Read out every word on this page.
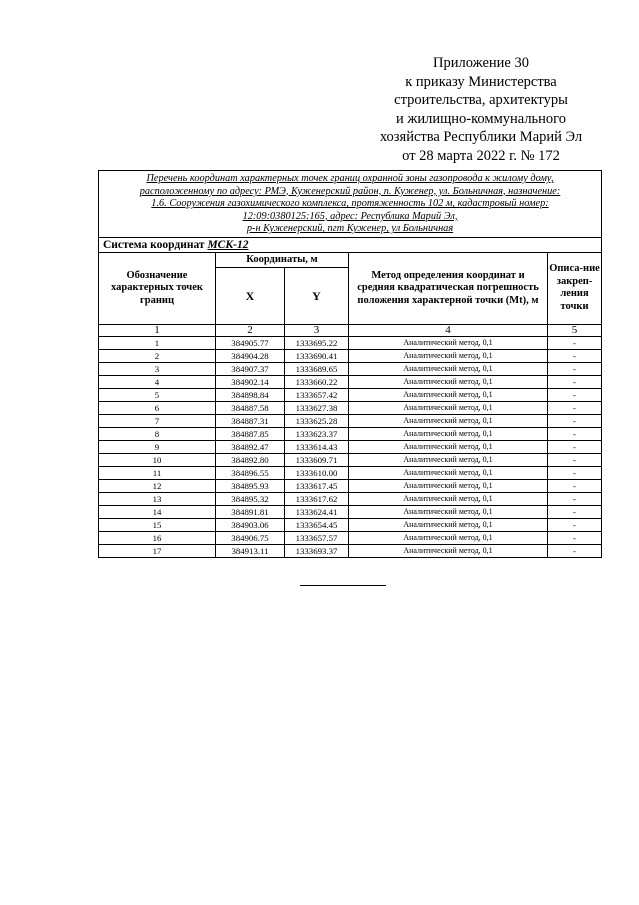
Приложение 30
к приказу Министерства
строительства, архитектуры
и жилищно-коммунального
хозяйства Республики Марий Эл
от 28 марта 2022 г. № 172
Перечень координат характерных точек границ охранной зоны газопровода к жилому дому,
расположенному по адресу: РМЭ, Куженерский район, п. Куженер, ул. Больничная, назначение:
1.6. Сооружения газохимического комплекса, протяженность 102 м, кадастровый номер:
12:09:0380125:165, адрес: Республика Марий Эл,
р-н Куженерский, пгт Куженер, ул Больничная				

Система координат МСК-12				
Обозначение характерных точек границ	Координаты, м		Метод определения координат и средняя квадратическая погрешность положения характерной точки (Mt), м	Описа-ние закреп-ления точки
	X	Y		
1	2	3	4	5
1	384905.77	1333695.22	Аналитический метод, 0,1	-
2	384904.28	1333690.41	Аналитический метод, 0,1	-
3	384907.37	1333689.65	Аналитический метод, 0,1	-
4	384902.14	1333660.22	Аналитический метод, 0,1	-
5	384898.84	1333657.42	Аналитический метод, 0,1	-
6	384887.58	1333627.38	Аналитический метод, 0,1	-
7	384887.31	1333625.28	Аналитический метод, 0,1	-
8	384887.85	1333623.37	Аналитический метод, 0,1	-
9	384892.47	1333614.43	Аналитический метод, 0,1	-
10	384892.80	1333609.71	Аналитический метод, 0,1	-
11	384896.55	1333610.00	Аналитический метод, 0,1	-
12	384895.93	1333617.45	Аналитический метод, 0,1	-
13	384895.32	1333617.62	Аналитический метод, 0,1	-
14	384891.81	1333624.41	Аналитический метод, 0,1	-
15	384903.06	1333654.45	Аналитический метод, 0,1	-
16	384906.75	1333657.57	Аналитический метод, 0,1	-
17	384913.11	1333693.37	Аналитический метод, 0,1	-
